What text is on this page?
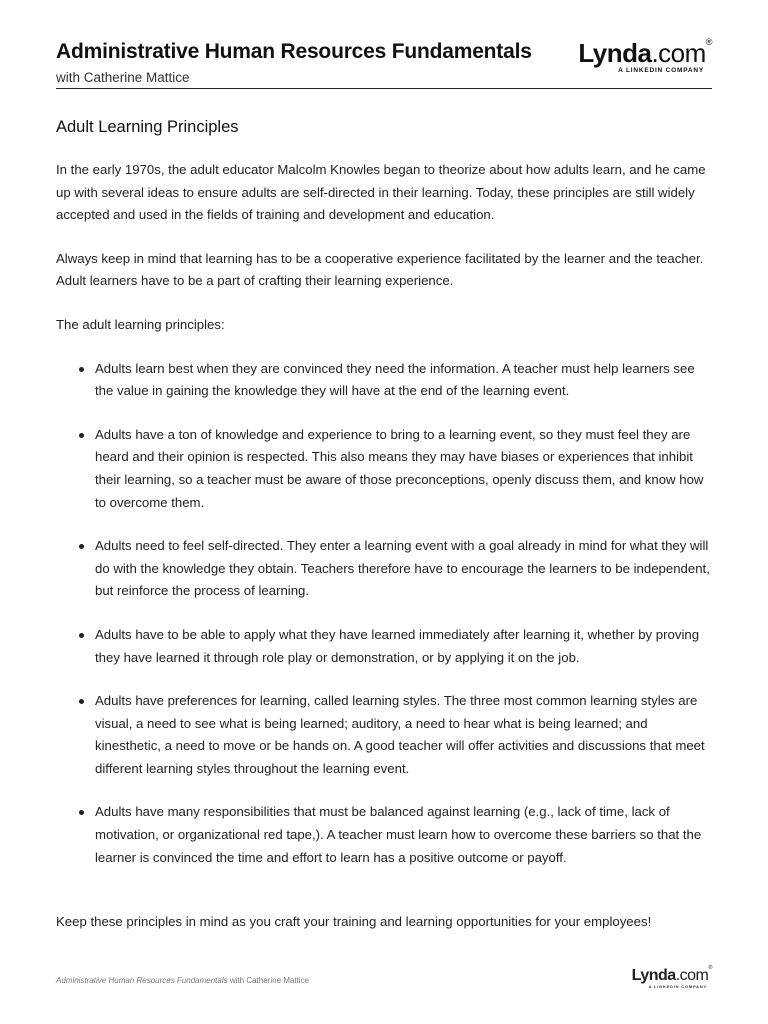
Administrative Human Resources Fundamentals
with Catherine Mattice
Lynda.com®
A LINKEDIN COMPANY
Adult Learning Principles

In the early 1970s, the adult educator Malcolm Knowles began to theorize about how adults learn, and he came up with several ideas to ensure adults are self-directed in their learning. Today, these principles are still widely accepted and used in the fields of training and development and education.

Always keep in mind that learning has to be a cooperative experience facilitated by the learner and the teacher. Adult learners have to be a part of crafting their learning experience.

The adult learning principles:

Adults learn best when they are convinced they need the information. A teacher must help learners see the value in gaining the knowledge they will have at the end of the learning event.
Adults have a ton of knowledge and experience to bring to a learning event, so they must feel they are heard and their opinion is respected. This also means they may have biases or experiences that inhibit their learning, so a teacher must be aware of those preconceptions, openly discuss them, and know how to overcome them.
Adults need to feel self-directed. They enter a learning event with a goal already in mind for what they will do with the knowledge they obtain. Teachers therefore have to encourage the learners to be independent, but reinforce the process of learning.
Adults have to be able to apply what they have learned immediately after learning it, whether by proving they have learned it through role play or demonstration, or by applying it on the job.
Adults have preferences for learning, called learning styles. The three most common learning styles are visual, a need to see what is being learned; auditory, a need to hear what is being learned; and kinesthetic, a need to move or be hands on. A good teacher will offer activities and discussions that meet different learning styles throughout the learning event.
Adults have many responsibilities that must be balanced against learning (e.g., lack of time, lack of motivation, or organizational red tape,). A teacher must learn how to overcome these barriers so that the learner is convinced the time and effort to learn has a positive outcome or payoff.
Keep these principles in mind as you craft your training and learning opportunities for your employees!
Administrative Human Resources Fundamentals with Catherine Mattice	Lynda.com®
A LINKEDIN COMPANY
